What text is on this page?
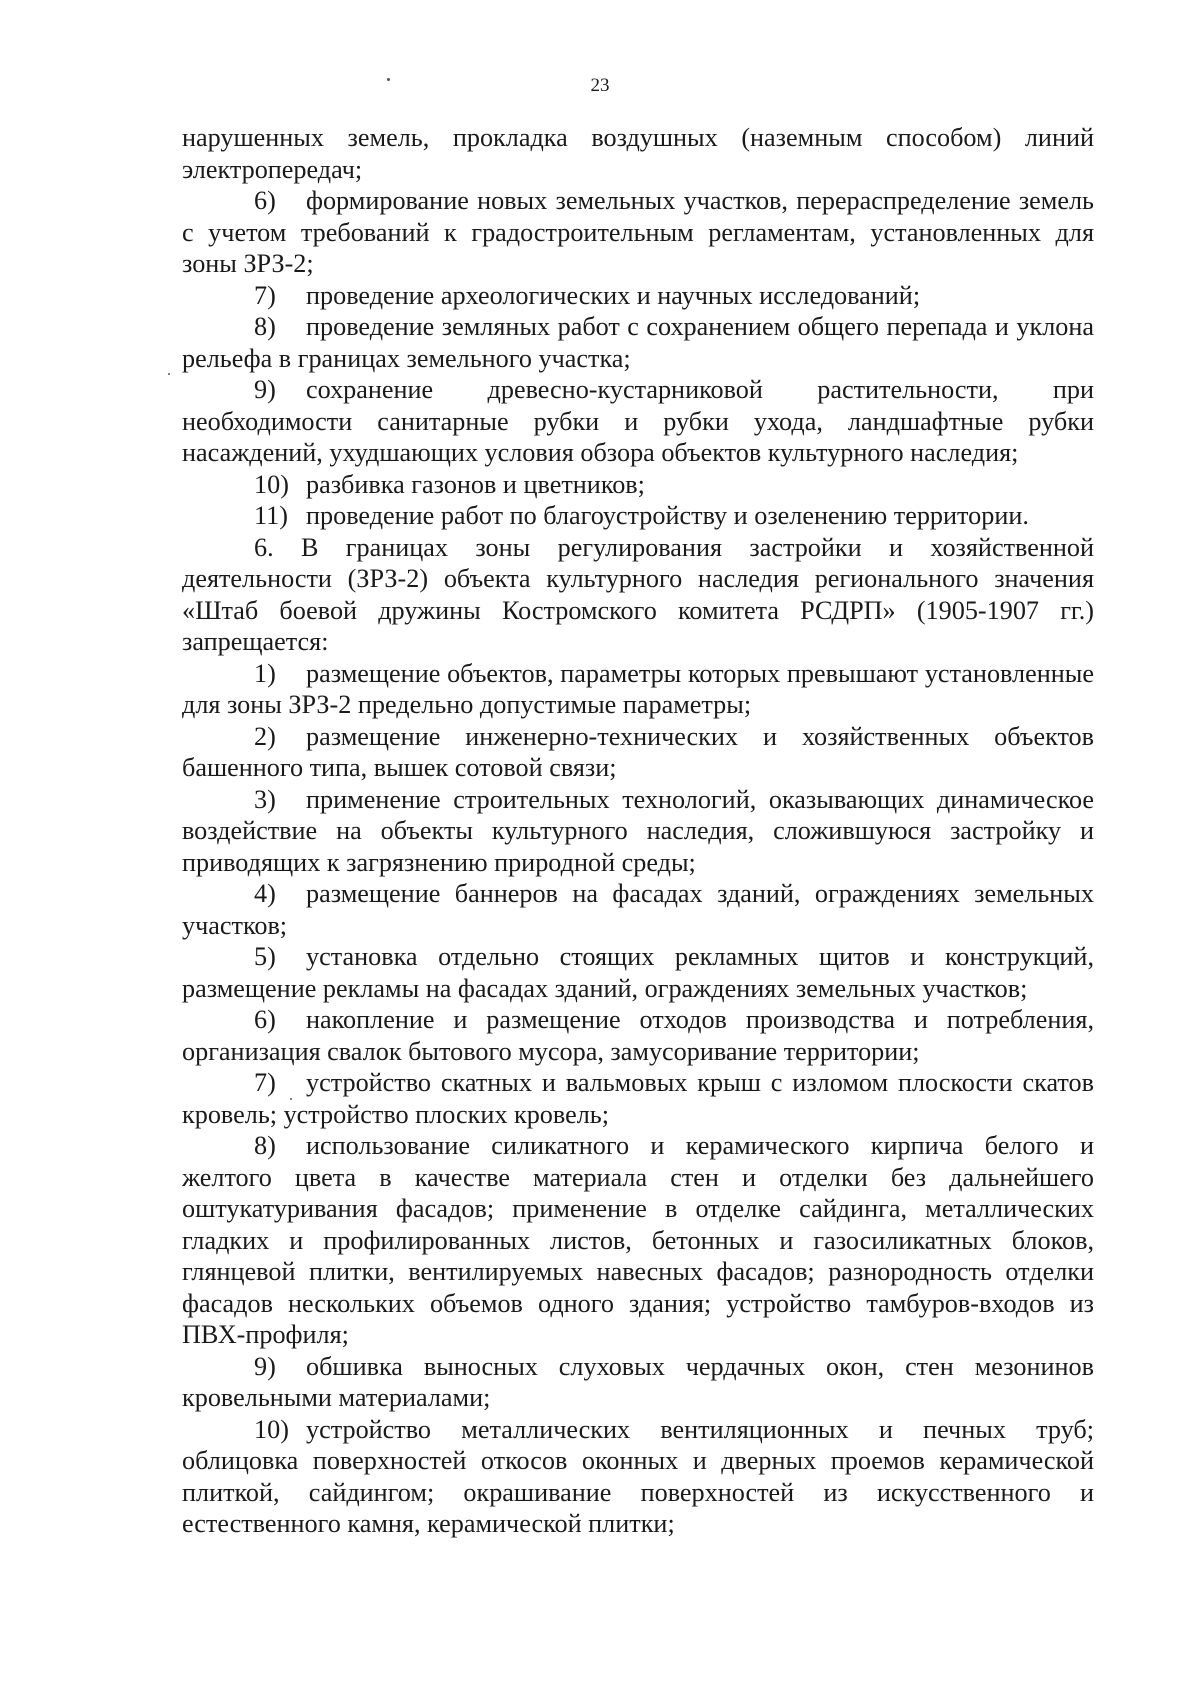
23

нарушенных земель, прокладка воздушных (наземным способом) линий электропередач;

6) формирование новых земельных участков, перераспределение земель с учетом требований к градостроительным регламентам, установленных для зоны ЗРЗ-2;

7) проведение археологических и научных исследований;

8) проведение земляных работ с сохранением общего перепада и уклона рельефа в границах земельного участка;

9) сохранение древесно-кустарниковой растительности, при необходимости санитарные рубки и рубки ухода, ландшафтные рубки насаждений, ухудшающих условия обзора объектов культурного наследия;

10) разбивка газонов и цветников;

11) проведение работ по благоустройству и озеленению территории.

6. В границах зоны регулирования застройки и хозяйственной деятельности (ЗРЗ-2) объекта культурного наследия регионального значения «Штаб боевой дружины Костромского комитета РСДРП» (1905-1907 гг.) запрещается:

1) размещение объектов, параметры которых превышают установленные для зоны ЗРЗ-2 предельно допустимые параметры;

2) размещение инженерно-технических и хозяйственных объектов башенного типа, вышек сотовой связи;

3) применение строительных технологий, оказывающих динамическое воздействие на объекты культурного наследия, сложившуюся застройку и приводящих к загрязнению природной среды;

4) размещение баннеров на фасадах зданий, ограждениях земельных участков;

5) установка отдельно стоящих рекламных щитов и конструкций, размещение рекламы на фасадах зданий, ограждениях земельных участков;

6) накопление и размещение отходов производства и потребления, организация свалок бытового мусора, замусоривание территории;

7) устройство скатных и вальмовых крыш с изломом плоскости скатов кровель; устройство плоских кровель;

8) использование силикатного и керамического кирпича белого и желтого цвета в качестве материала стен и отделки без дальнейшего оштукатуривания фасадов; применение в отделке сайдинга, металлических гладких и профилированных листов, бетонных и газосиликатных блоков, глянцевой плитки, вентилируемых навесных фасадов; разнородность отделки фасадов нескольких объемов одного здания; устройство тамбуров-входов из ПВХ-профиля;

9) обшивка выносных слуховых чердачных окон, стен мезонинов кровельными материалами;

10) устройство металлических вентиляционных и печных труб; облицовка поверхностей откосов оконных и дверных проемов керамической плиткой, сайдингом; окрашивание поверхностей из искусственного и естественного камня, керамической плитки;
